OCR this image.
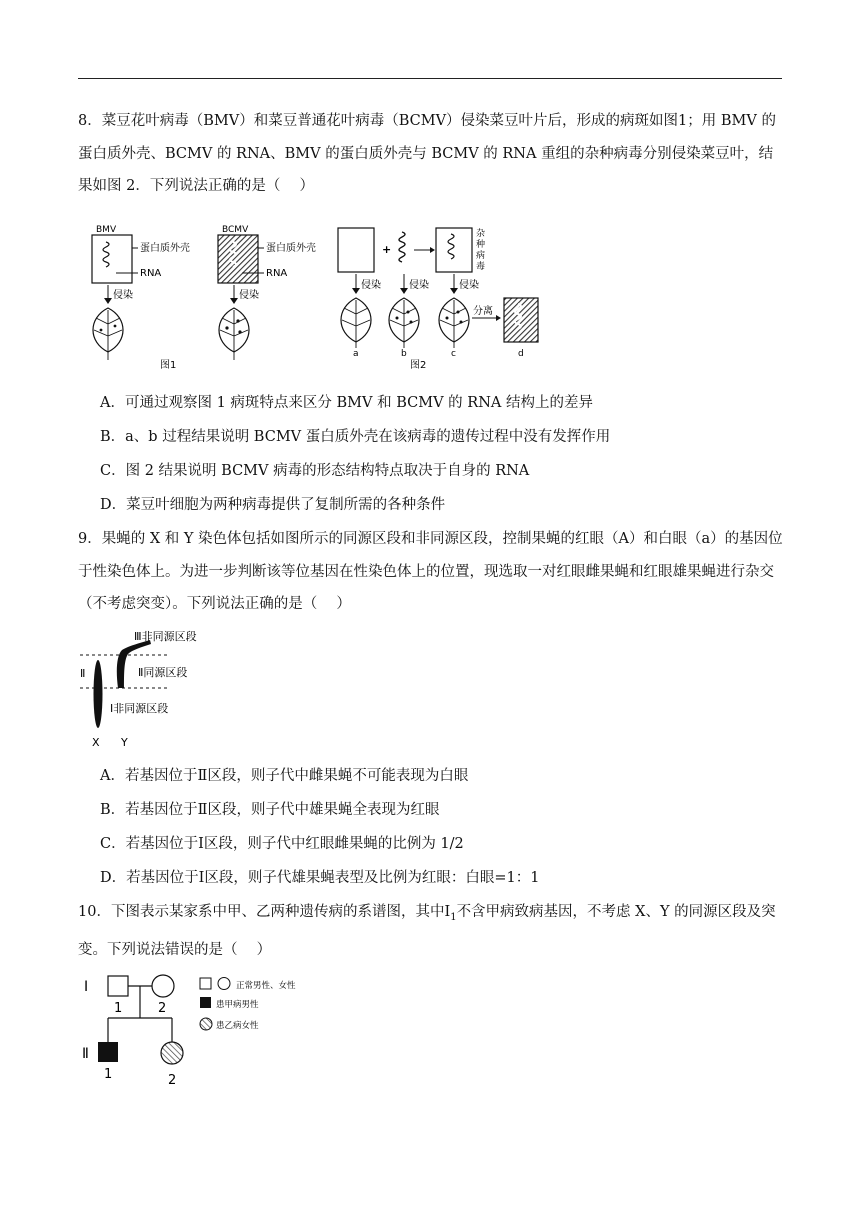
8．菜豆花叶病毒（BMV）和菜豆普通花叶病毒（BCMV）侵染菜豆叶片后，形成的病斑如图1；用 BMV 的蛋白质外壳、BCMV 的 RNA、BMV 的蛋白质外壳与 BCMV 的 RNA 重组的杂种病毒分别侵染菜豆叶，结果如图 2．下列说法正确的是（　 ）
BMV
蛋白质外壳
RNA
侵染
BCMV
蛋白质外壳
RNA
侵染
图1
+
杂
种
病
毒
侵染	侵染	侵染
分离
a	b	c	d
图2
A．可通过观察图 1 病斑特点来区分 BMV 和 BCMV 的 RNA 结构上的差异
B．a、b 过程结果说明 BCMV 蛋白质外壳在该病毒的遗传过程中没有发挥作用
C．图 2 结果说明 BCMV 病毒的形态结构特点取决于自身的 RNA
D．菜豆叶细胞为两种病毒提供了复制所需的各种条件
9．果蝇的 X 和 Y 染色体包括如图所示的同源区段和非同源区段，控制果蝇的红眼（A）和白眼（a）的基因位于性染色体上。为进一步判断该等位基因在性染色体上的位置，现选取一对红眼雌果蝇和红眼雄果蝇进行杂交（不考虑突变）。下列说法正确的是（　 ）
Ⅲ非同源区段
Ⅱ	Ⅱ同源区段
Ⅰ非同源区段
X Y
A．若基因位于Ⅱ区段，则子代中雌果蝇不可能表现为白眼
B．若基因位于Ⅱ区段，则子代中雄果蝇全表现为红眼
C．若基因位于Ⅰ区段，则子代中红眼雌果蝇的比例为 1/2
D．若基因位于Ⅰ区段，则子代雄果蝇表型及比例为红眼：白眼=1：1
10．下图表示某家系中甲、乙两种遗传病的系谱图，其中$Ⅰ_1$不含甲病致病基因，不考虑 X、Y 的同源区段及突变。下列说法错误的是（　 ）
Ⅰ
1	2
Ⅱ
1	2
正常男性、女性
患甲病男性
患乙病女性
